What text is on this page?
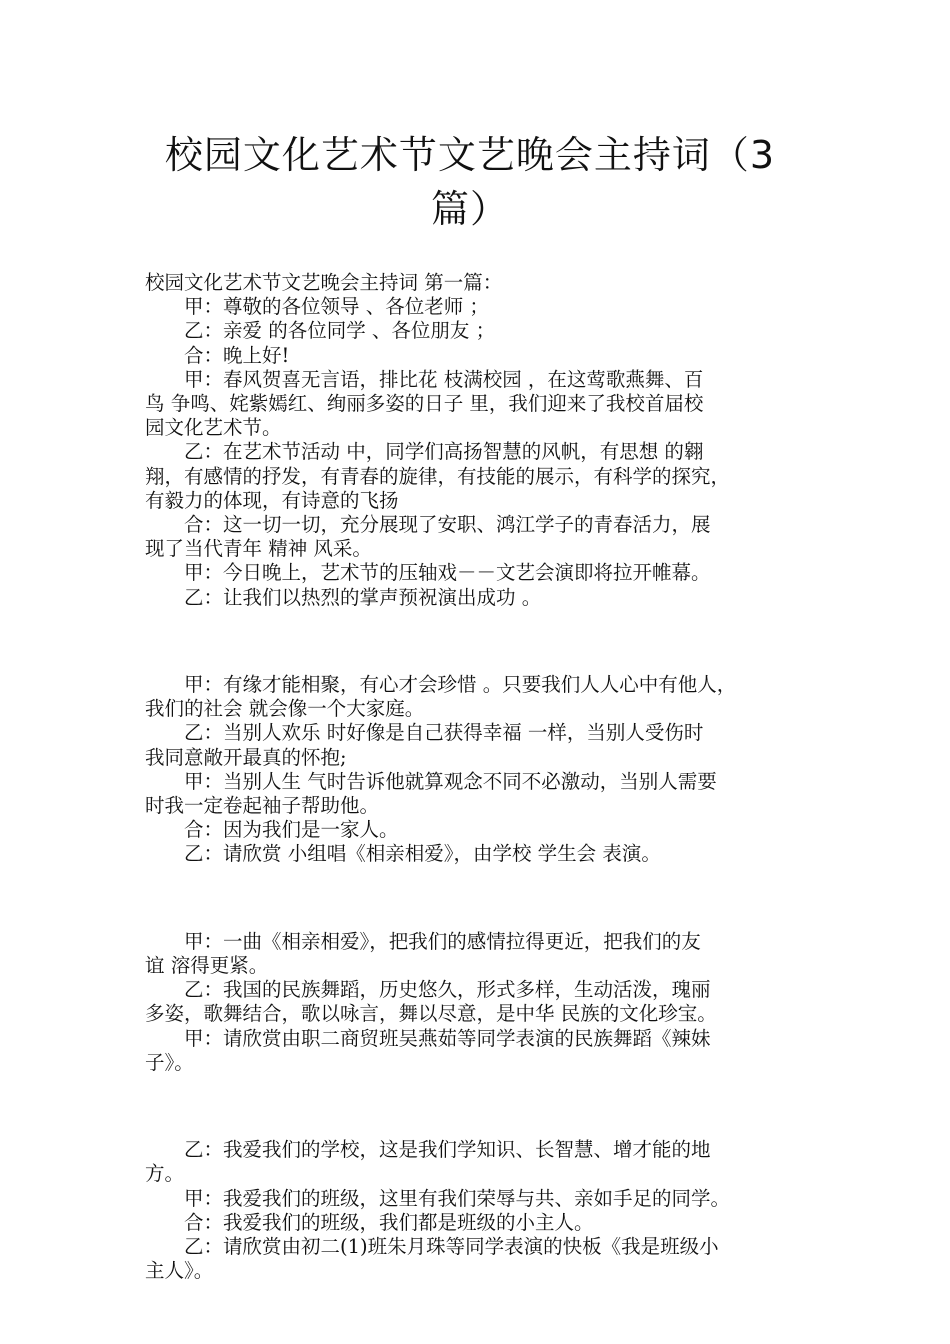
校园文化艺术节文艺晚会主持词（3
篇）

校园文化艺术节文艺晚会主持词 第一篇：

甲：尊敬的各位领导 、各位老师 ；

乙：亲爱 的各位同学 、各位朋友 ；

合：晚上好!

甲：春风贺喜无言语，排比花 枝满校园 ，在这莺歌燕舞、百

鸟 争鸣、姹紫嫣红、绚丽多姿的日子 里，我们迎来了我校首届校

园文化艺术节。

乙：在艺术节活动 中，同学们高扬智慧的风帆，有思想 的翱

翔，有感情的抒发，有青春的旋律，有技能的展示，有科学的探究，

有毅力的体现，有诗意的飞扬

合：这一切一切，充分展现了安职、鸿江学子的青春活力，展

现了当代青年 精神 风采。

甲：今日晚上，艺术节的压轴戏－－文艺会演即将拉开帷幕。

乙：让我们以热烈的掌声预祝演出成功 。

甲：有缘才能相聚，有心才会珍惜 。只要我们人人心中有他人，

我们的社会 就会像一个大家庭。

乙：当别人欢乐 时好像是自己获得幸福 一样，当别人受伤时

我同意敞开最真的怀抱;

甲：当别人生 气时告诉他就算观念不同不必激动，当别人需要

时我一定卷起袖子帮助他。

合：因为我们是一家人。

乙：请欣赏 小组唱《相亲相爱》，由学校 学生会 表演。

甲：一曲《相亲相爱》，把我们的感情拉得更近，把我们的友

谊 溶得更紧。

乙：我国的民族舞蹈，历史悠久，形式多样，生动活泼，瑰丽

多姿，歌舞结合，歌以咏言，舞以尽意，是中华 民族的文化珍宝。

甲：请欣赏由职二商贸班吴燕茹等同学表演的民族舞蹈《辣妹

子》。

乙：我爱我们的学校，这是我们学知识、长智慧、增才能的地

方。

甲：我爱我们的班级，这里有我们荣辱与共、亲如手足的同学。

合：我爱我们的班级，我们都是班级的小主人。

乙：请欣赏由初二(1)班朱月珠等同学表演的快板《我是班级小

主人》。
